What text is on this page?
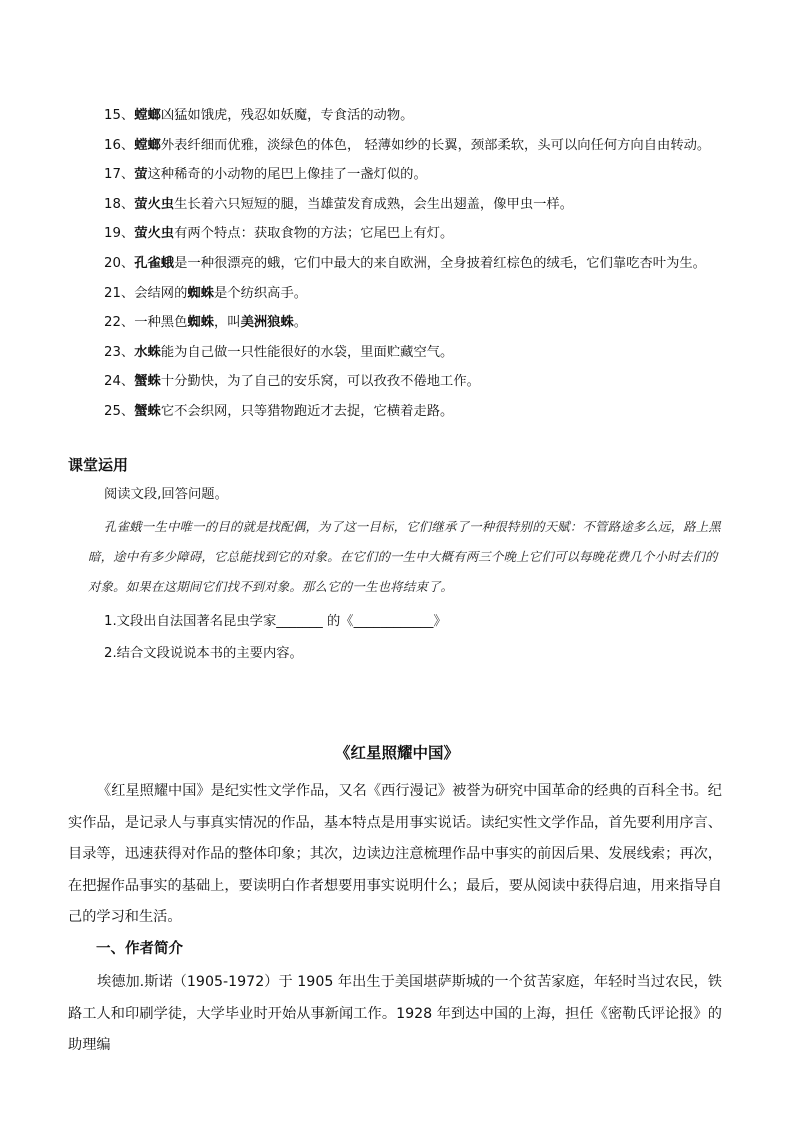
15、螳螂凶猛如饿虎，残忍如妖魔，专食活的动物。
16、螳螂外表纤细而优雅，淡绿色的体色， 轻薄如纱的长翼，颈部柔软，头可以向任何方向自由转动。
17、萤这种稀奇的小动物的尾巴上像挂了一盏灯似的。
18、萤火虫生长着六只短短的腿，当雄萤发育成熟，会生出翅盖，像甲虫一样。
19、萤火虫有两个特点：获取食物的方法；它尾巴上有灯。
20、孔雀蛾是一种很漂亮的蛾，它们中最大的来自欧洲，全身披着红棕色的绒毛，它们靠吃杏叶为生。
21、会结网的蜘蛛是个纺织高手。
22、一种黑色蜘蛛，叫美洲狼蛛。
23、水蛛能为自己做一只性能很好的水袋，里面贮藏空气。
24、蟹蛛十分勤快，为了自己的安乐窝，可以孜孜不倦地工作。
25、蟹蛛它不会织网，只等猎物跑近才去捉，它横着走路。
课堂运用
阅读文段,回答问题。
孔雀蛾一生中唯一的目的就是找配偶，为了这一目标，它们继承了一种很特别的天赋：不管路途多么远，路上黑暗，途中有多少障碍，它总能找到它的对象。在它们的一生中大概有两三个晚上它们可以每晚花费几个小时去们的对象。如果在这期间它们找不到对象。那么它的一生也将结束了。
1.文段出自法国著名昆虫学家_______ 的《____________》
2.结合文段说说本书的主要内容。
《红星照耀中国》
《红星照耀中国》是纪实性文学作品，又名《西行漫记》被誉为研究中国革命的经典的百科全书。纪实作品，是记录人与事真实情况的作品，基本特点是用事实说话。读纪实性文学作品，首先要利用序言、目录等，迅速获得对作品的整体印象；其次，边读边注意梳理作品中事实的前因后果、发展线索；再次，在把握作品事实的基础上，要读明白作者想要用事实说明什么；最后，要从阅读中获得启迪，用来指导自己的学习和生活。
一、作者简介
埃德加.斯诺（1905-1972）于 1905 年出生于美国堪萨斯城的一个贫苦家庭，年轻时当过农民，铁路工人和印刷学徒，大学毕业时开始从事新闻工作。1928 年到达中国的上海，担任《密勒氏评论报》的助理编
